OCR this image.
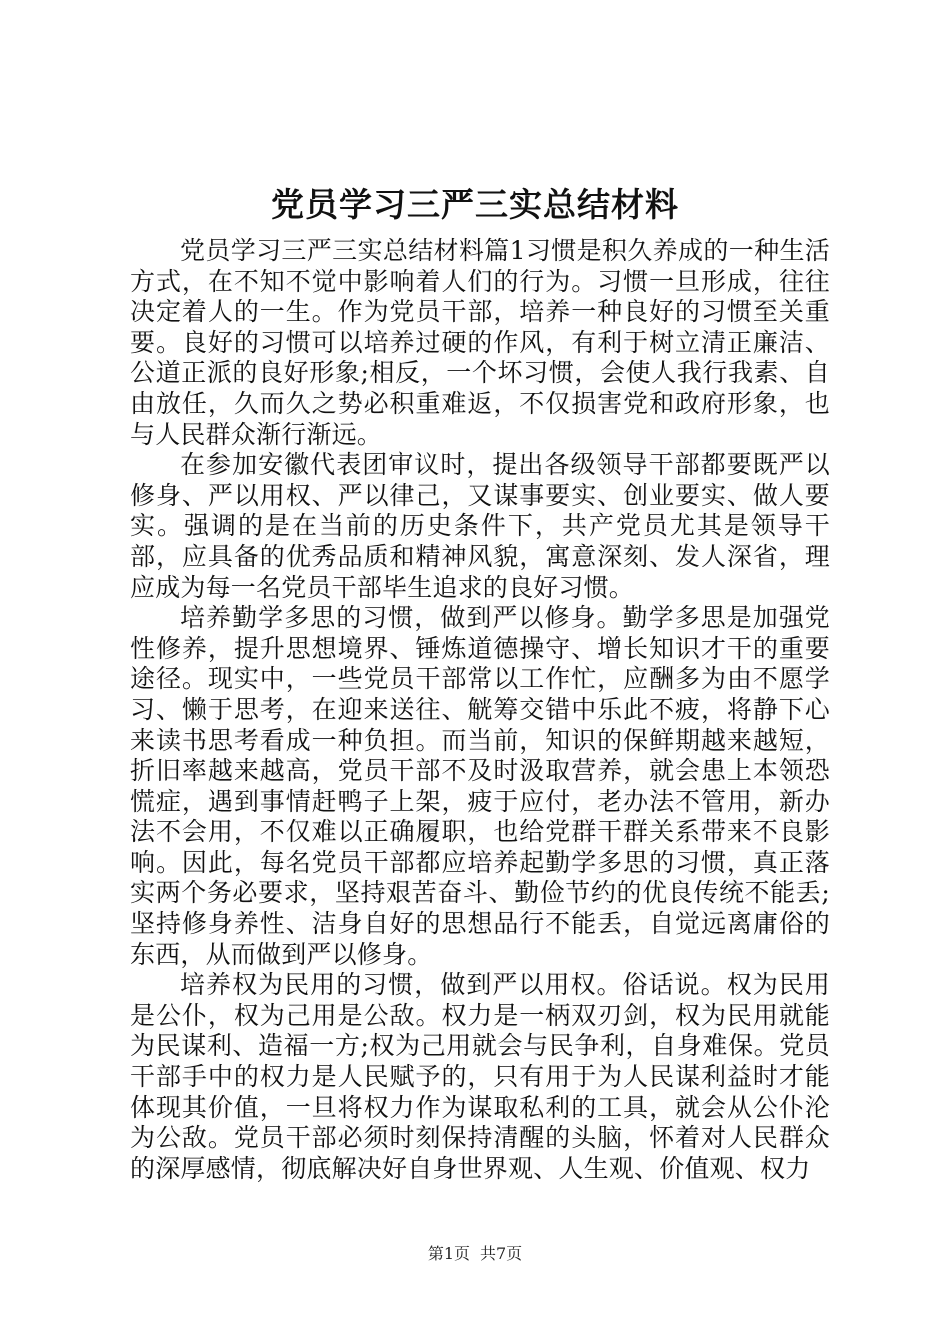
党员学习三严三实总结材料

党员学习三严三实总结材料篇1习惯是积久养成的一种生活方式，在不知不觉中影响着人们的行为。习惯一旦形成，往往决定着人的一生。作为党员干部，培养一种良好的习惯至关重要。良好的习惯可以培养过硬的作风，有利于树立清正廉洁、公道正派的良好形象;相反，一个坏习惯，会使人我行我素、自由放任，久而久之势必积重难返，不仅损害党和政府形象，也与人民群众渐行渐远。

在参加安徽代表团审议时，提出各级领导干部都要既严以修身、严以用权、严以律己，又谋事要实、创业要实、做人要实。强调的是在当前的历史条件下，共产党员尤其是领导干部，应具备的优秀品质和精神风貌，寓意深刻、发人深省，理应成为每一名党员干部毕生追求的良好习惯。

培养勤学多思的习惯，做到严以修身。勤学多思是加强党性修养，提升思想境界、锤炼道德操守、增长知识才干的重要途径。现实中，一些党员干部常以工作忙，应酬多为由不愿学习、懒于思考，在迎来送往、觥筹交错中乐此不疲，将静下心来读书思考看成一种负担。而当前，知识的保鲜期越来越短，折旧率越来越高，党员干部不及时汲取营养，就会患上本领恐慌症，遇到事情赶鸭子上架，疲于应付，老办法不管用，新办法不会用，不仅难以正确履职，也给党群干群关系带来不良影响。因此，每名党员干部都应培养起勤学多思的习惯，真正落实两个务必要求，坚持艰苦奋斗、勤俭节约的优良传统不能丢;坚持修身养性、洁身自好的思想品行不能丢，自觉远离庸俗的东西，从而做到严以修身。

培养权为民用的习惯，做到严以用权。俗话说。权为民用是公仆，权为己用是公敌。权力是一柄双刃剑，权为民用就能为民谋利、造福一方;权为己用就会与民争利，自身难保。党员干部手中的权力是人民赋予的，只有用于为人民谋利益时才能体现其价值，一旦将权力作为谋取私利的工具，就会从公仆沦为公敌。党员干部必须时刻保持清醒的头脑，怀着对人民群众的深厚感情，彻底解决好自身世界观、人生观、价值观、权力

第1页 共7页
